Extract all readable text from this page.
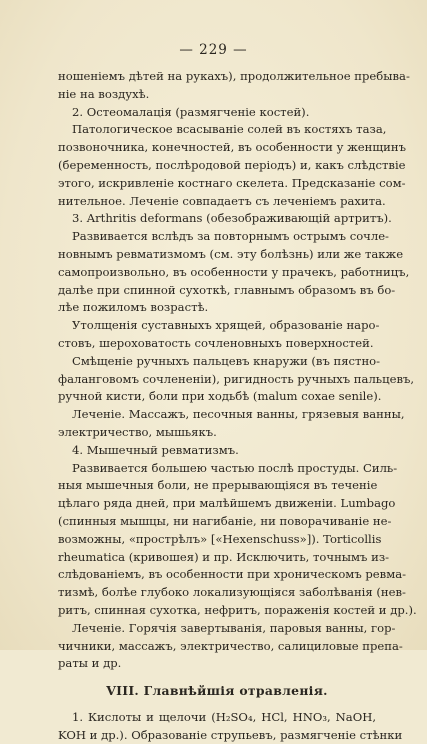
— 229 —
ношеніемъ дѣтей на рукахъ), продолжительное пребыва-
ніе на воздухѣ.
2. Остеомалація (размягченіе костей).
Патологическое всасываніе солей въ костяхъ таза,
позвоночника, конечностей, въ особенности у женщинъ
(беременность, послѣродовой періодъ) и, какъ слѣдствіе
этого, искривленіе костнаго скелета. Предсказаніе сом-
нительное. Леченіе совпадаетъ съ леченіемъ рахита.
3. Arthritis deformans (обезображивающій артритъ).
Развивается вслѣдъ за повторнымъ острымъ сочле-
новнымъ ревматизмомъ (см. эту болѣзнь) или же также
самопроизвольно, въ особенности у прачекъ, работницъ,
далѣе при спинной сухоткѣ, главнымъ образомъ въ бо-
лѣе пожиломъ возрастѣ.
Утолщенія суставныхъ хрящей, образованіе наро-
стовъ, шероховатость сочленовныхъ поверхностей.
Смѣщеніе ручныхъ пальцевъ кнаружи (въ пястно-
фаланговомъ сочлененіи), ригидность ручныхъ пальцевъ,
ручной кисти, боли при ходьбѣ (malum coxae senile).
Леченіе. Массажъ, песочныя ванны, грязевыя ванны,
электричество, мышьякъ.
4. Мышечный ревматизмъ.
Развивается большею частью послѣ простуды. Силь-
ныя мышечныя боли, не прерывающіяся въ теченіе
цѣлаго ряда дней, при малѣйшемъ движеніи. Lumbago
(спинныя мышцы, ни нагибаніе, ни поворачиваніе не-
возможны, «прострѣлъ» [«Hexenschuss»]). Torticollis
rheumatica (кривошея) и пр. Исключить, точнымъ из-
слѣдованіемъ, въ особенности при хроническомъ ревма-
тизмѣ, болѣе глубоко локализующіяся заболѣванія (нев-
ритъ, спинная сухотка, нефритъ, пораженія костей и др.).
Леченіе. Горячія завертыванія, паровыя ванны, гор-
чичники, массажъ, электричество, салициловые препа-
раты и др.
VIII. Главнѣйшія отравленія.
1. Кислоты и щелочи (H₂SO₄, HCl, HNO₃, NaOH,
KOH и др.). Образованіе струпьевъ, размягченіе стѣнки
